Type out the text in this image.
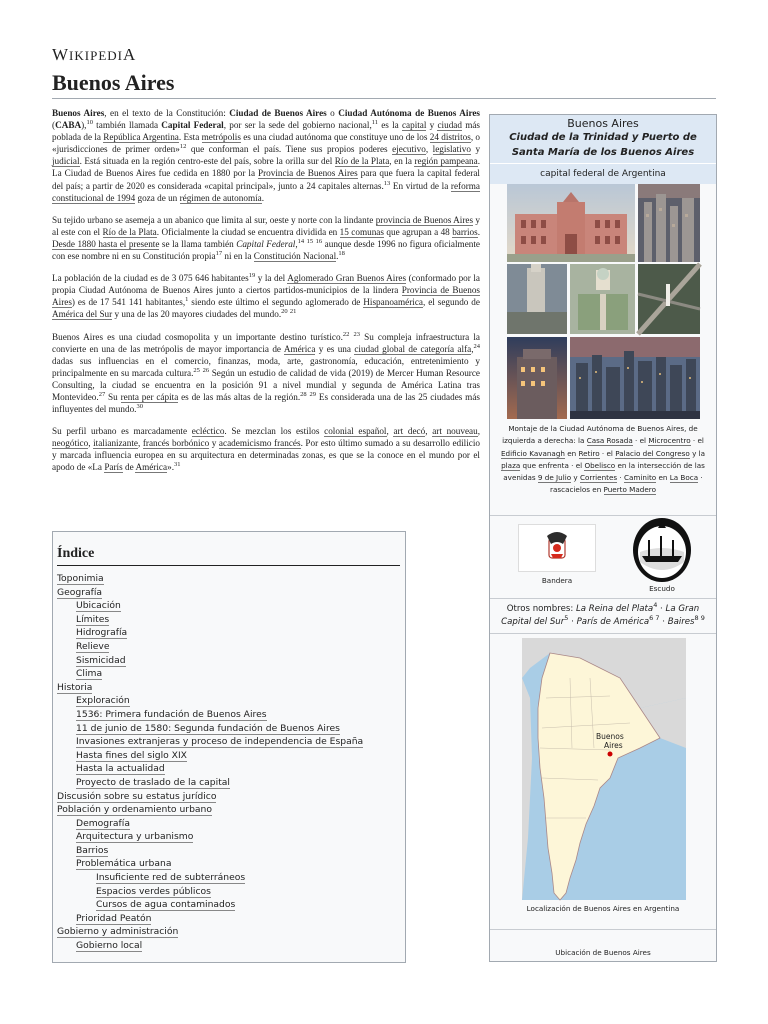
WIKIPEDIA
Buenos Aires

Buenos Aires, en el texto de la Constitución: Ciudad de Buenos Aires o Ciudad Autónoma de Buenos Aires (CABA),$^{10}$ también llamada Capital Federal, por ser la sede del gobierno nacional,$^{11}$ es la capital y ciudad más poblada de la República Argentina. Esta metrópolis es una ciudad autónoma que constituye uno de los 24 distritos, o «jurisdicciones de primer orden»$^{12}$ que conforman el país. Tiene sus propios poderes ejecutivo, legislativo y judicial. Está situada en la región centro-este del país, sobre la orilla sur del Río de la Plata, en la región pampeana. La Ciudad de Buenos Aires fue cedida en 1880 por la Provincia de Buenos Aires para que fuera la capital federal del país; a partir de 2020 es considerada «capital principal», junto a 24 capitales alternas.$^{13}$ En virtud de la reforma constitucional de 1994 goza de un régimen de autonomía.

Su tejido urbano se asemeja a un abanico que limita al sur, oeste y norte con la lindante provincia de Buenos Aires y al este con el Río de la Plata. Oficialmente la ciudad se encuentra dividida en 15 comunas que agrupan a 48 barrios. Desde 1880 hasta el presente se la llama también Capital Federal,$^{14}$ $^{15}$ $^{16}$ aunque desde 1996 no figura oficialmente con ese nombre ni en su Constitución propia$^{17}$ ni en la Constitución Nacional.$^{18}$

La población de la ciudad es de 3 075 646 habitantes$^{19}$ y la del Aglomerado Gran Buenos Aires (conformado por la propia Ciudad Autónoma de Buenos Aires junto a ciertos partidos-municipios de la lindera Provincia de Buenos Aires) es de 17 541 141 habitantes,$^1$ siendo este último el segundo aglomerado de Hispanoamérica, el segundo de América del Sur y una de las 20 mayores ciudades del mundo.$^{20}$ $^{21}$

Buenos Aires es una ciudad cosmopolita y un importante destino turístico.$^{22}$ $^{23}$ Su compleja infraestructura la convierte en una de las metrópolis de mayor importancia de América y es una ciudad global de categoría alfa,$^{24}$ dadas sus influencias en el comercio, finanzas, moda, arte, gastronomía, educación, entretenimiento y principalmente en su marcada cultura.$^{25}$ $^{26}$ Según un estudio de calidad de vida (2019) de Mercer Human Resource Consulting, la ciudad se encuentra en la posición 91 a nivel mundial y segunda de América Latina tras Montevideo.$^{27}$ Su renta per cápita es de las más altas de la región.$^{28}$ $^{29}$ Es considerada una de las 25 ciudades más influyentes del mundo.$^{30}$

Su perfil urbano es marcadamente ecléctico. Se mezclan los estilos colonial español, art decó, art nouveau, neogótico, italianizante, francés borbónico y academicismo francés. Por esto último sumado a su desarrollo edilicio y marcada influencia europea en su arquitectura en determinadas zonas, es que se la conoce en el mundo por el apodo de «La París de América».$^{31}$

Índice
Toponimia
Geografía
Ubicación
Límites
Hidrografía
Relieve
Sismicidad
Clima
Historia
Exploración
1536: Primera fundación de Buenos Aires
11 de junio de 1580: Segunda fundación de Buenos Aires
Invasiones extranjeras y proceso de independencia de España
Hasta fines del siglo XIX
Hasta la actualidad
Proyecto de traslado de la capital
Discusión sobre su estatus jurídico
Población y ordenamiento urbano
Demografía
Arquitectura y urbanismo
Barrios
Problemática urbana
Insuficiente red de subterráneos
Espacios verdes públicos
Cursos de agua contaminados
Prioridad Peatón
Gobierno y administración
Gobierno local
Buenos Aires
Ciudad de la Trinidad y Puerto de Santa María de los Buenos Aires
capital federal de Argentina
Montaje de la Ciudad Autónoma de Buenos Aires, de izquierda a derecha: la Casa Rosada · el Microcentro · el Edificio Kavanagh en Retiro · el Palacio del Congreso y la plaza que enfrenta · el Obelisco en la intersección de las avenidas 9 de Julio y Corrientes · Caminito en La Boca · rascacielos en Puerto Madero
Bandera
Escudo
Otros nombres: La Reina del Plata$^4$ · La Gran Capital del Sur$^5$ · París de América$^{6 7}$ · Baires$^{8 9}$
Buenos
Aires
Localización de Buenos Aires en Argentina
Ubicación de Buenos Aires
